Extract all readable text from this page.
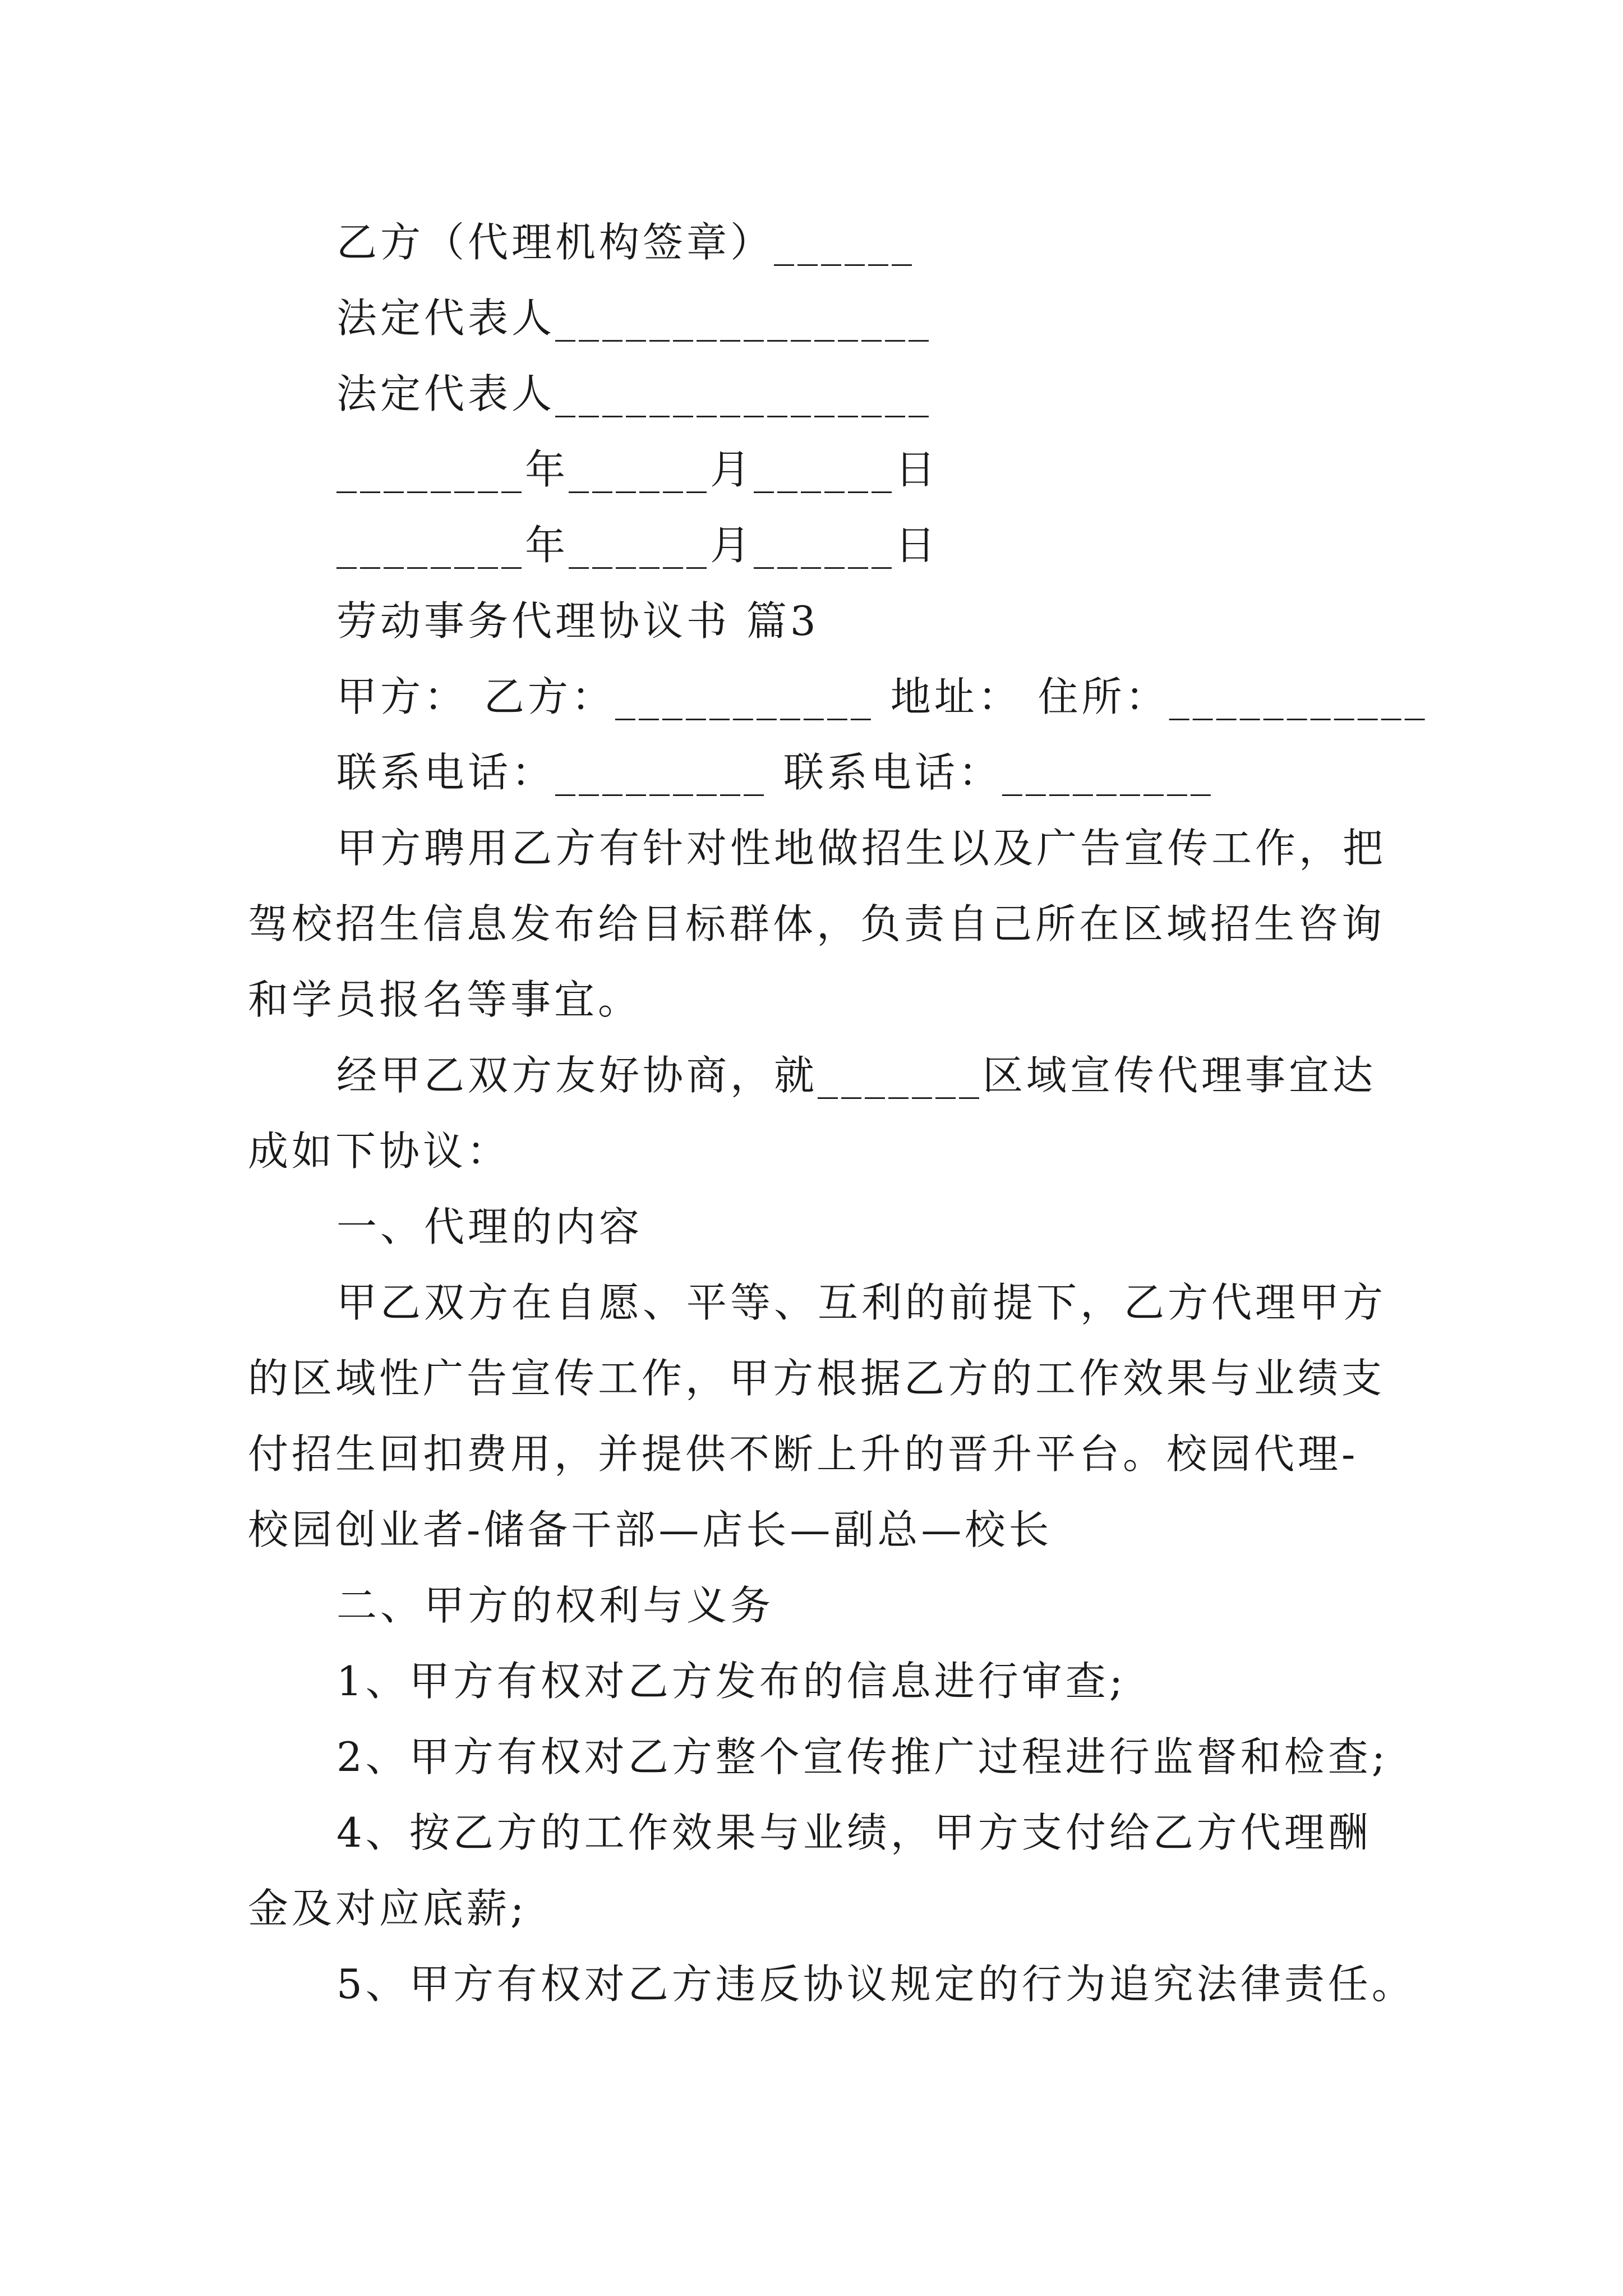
乙方（代理机构签章）______
法定代表人________________
法定代表人________________
________年______月______日
________年______月______日
劳动事务代理协议书 篇3
甲方： 乙方：___________ 地址： 住所：___________
联系电话：_________ 联系电话：_________
甲方聘用乙方有针对性地做招生以及广告宣传工作，把
驾校招生信息发布给目标群体，负责自己所在区域招生咨询
和学员报名等事宜。
经甲乙双方友好协商，就_______区域宣传代理事宜达
成如下协议：
一、代理的内容
甲乙双方在自愿、平等、互利的前提下，乙方代理甲方
的区域性广告宣传工作，甲方根据乙方的工作效果与业绩支
付招生回扣费用，并提供不断上升的晋升平台。校园代理-
校园创业者-储备干部—店长—副总—校长
二、甲方的权利与义务
1、甲方有权对乙方发布的信息进行审查;
2、甲方有权对乙方整个宣传推广过程进行监督和检查;
4、按乙方的工作效果与业绩，甲方支付给乙方代理酬
金及对应底薪;
5、甲方有权对乙方违反协议规定的行为追究法律责任。
